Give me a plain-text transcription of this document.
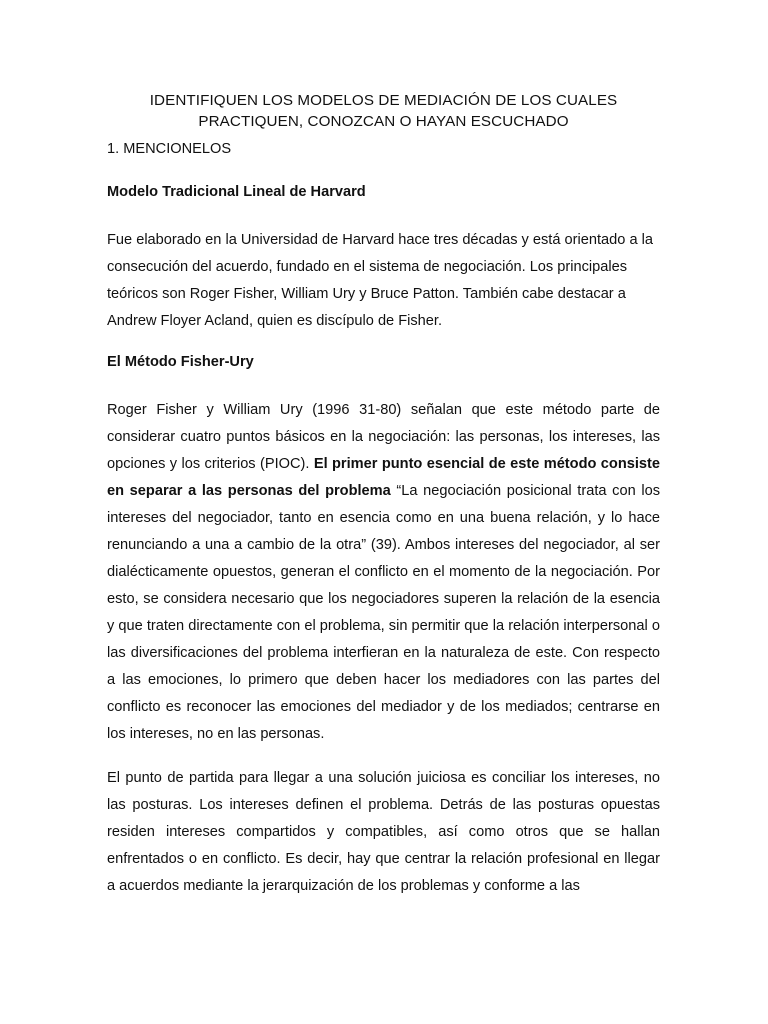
IDENTIFIQUEN LOS MODELOS DE MEDIACIÓN DE LOS CUALES
PRACTIQUEN, CONOZCAN O HAYAN ESCUCHADO

1. MENCIONELOS

Modelo Tradicional Lineal de Harvard

Fue elaborado en la Universidad de Harvard hace tres décadas y está orientado a la consecución del acuerdo, fundado en el sistema de negociación. Los principales teóricos son Roger Fisher, William Ury y Bruce Patton. También cabe destacar a Andrew Floyer Acland, quien es discípulo de Fisher.

El Método Fisher-Ury

Roger Fisher y William Ury (1996 31-80) señalan que este método parte de considerar cuatro puntos básicos en la negociación: las personas, los intereses, las opciones y los criterios (PIOC). El primer punto esencial de este método consiste en separar a las personas del problema “La negociación posicional trata con los intereses del negociador, tanto en esencia como en una buena relación, y lo hace renunciando a una a cambio de la otra” (39). Ambos intereses del negociador, al ser dialécticamente opuestos, generan el conflicto en el momento de la negociación. Por esto, se considera necesario que los negociadores superen la relación de la esencia y que traten directamente con el problema, sin permitir que la relación interpersonal o las diversificaciones del problema interfieran en la naturaleza de este. Con respecto a las emociones, lo primero que deben hacer los mediadores con las partes del conflicto es reconocer las emociones del mediador y de los mediados; centrarse en los intereses, no en las personas.

El punto de partida para llegar a una solución juiciosa es conciliar los intereses, no las posturas. Los intereses definen el problema. Detrás de las posturas opuestas residen intereses compartidos y compatibles, así como otros que se hallan enfrentados o en conflicto. Es decir, hay que centrar la relación profesional en llegar a acuerdos mediante la jerarquización de los problemas y conforme a las
